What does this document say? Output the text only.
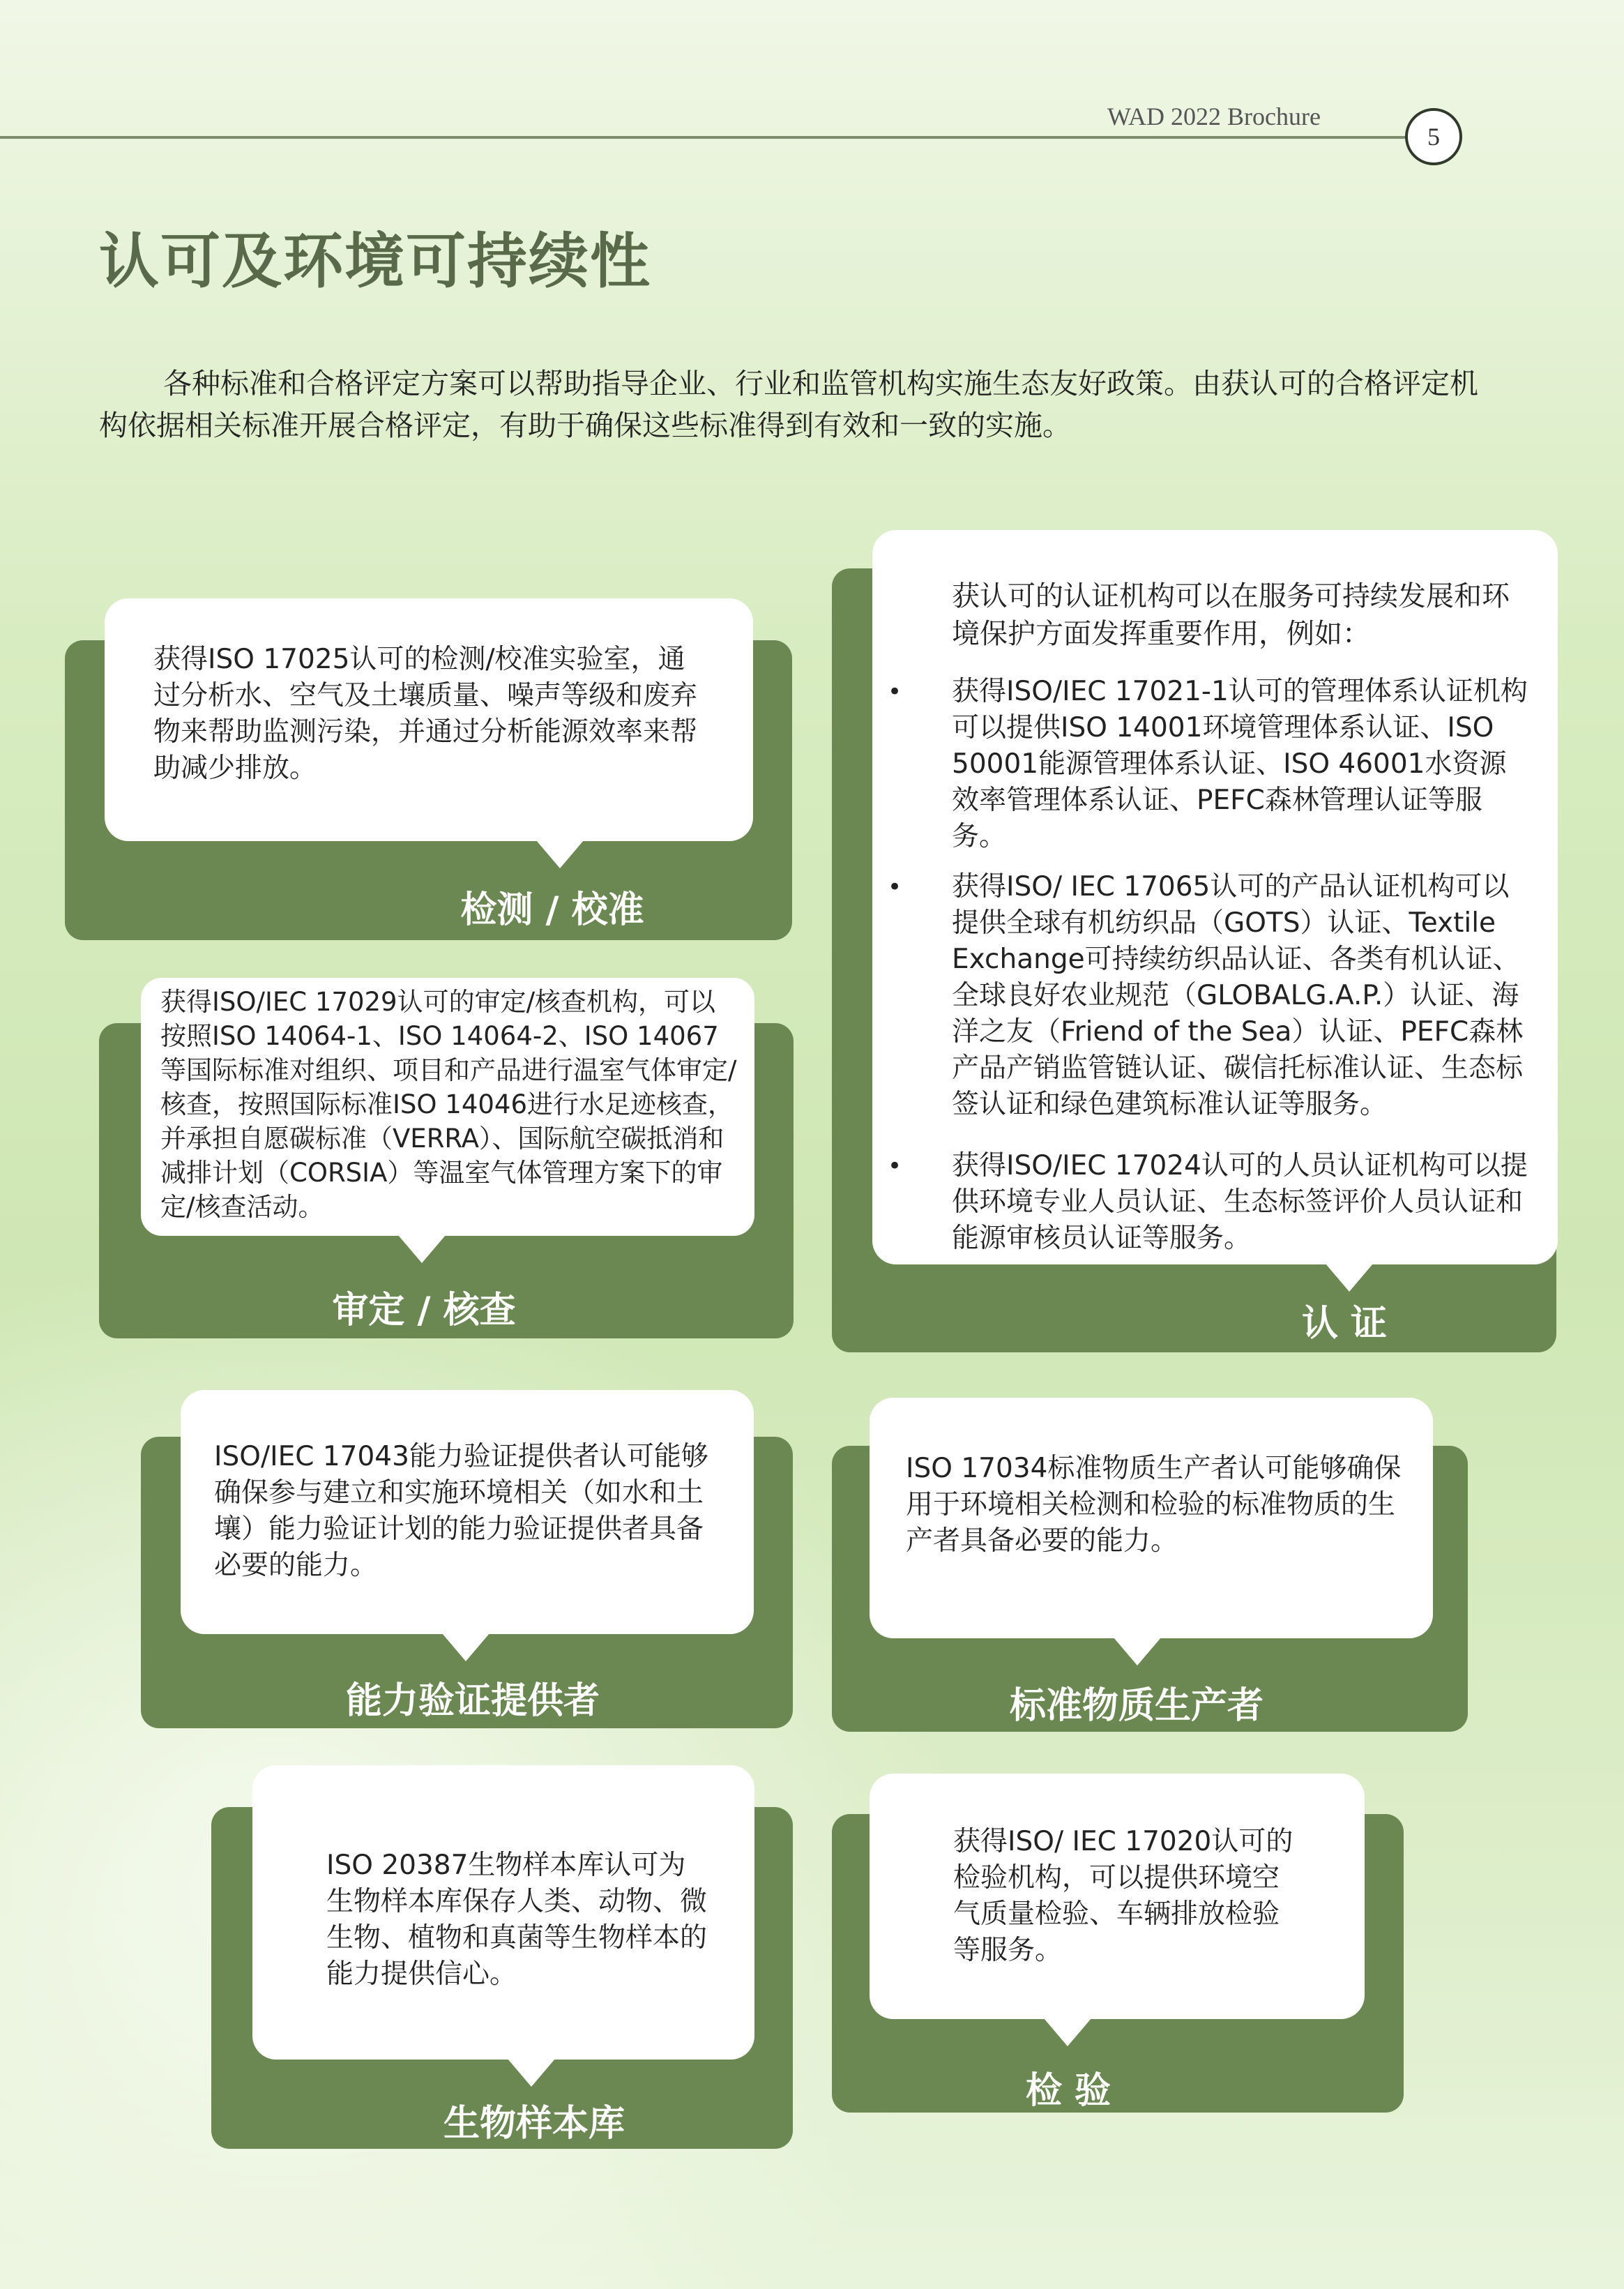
WAD 2022 Brochure
5
认可及环境可持续性
各种标准和合格评定方案可以帮助指导企业、行业和监管机构实施生态友好政策。由获认可的合格评定机构依据相关标准开展合格评定，有助于确保这些标准得到有效和一致的实施。
获得ISO 17025认可的检测/校准实验室，通过分析水、空气及土壤质量、噪声等级和废弃物来帮助监测污染，并通过分析能源效率来帮助减少排放。
检测 / 校准
获得ISO/IEC 17029认可的审定/核查机构，可以按照ISO 14064-1、ISO 14064-2、ISO 14067等国际标准对组织、项目和产品进行温室气体审定/核查，按照国际标准ISO 14046进行水足迹核查，并承担自愿碳标准（VERRA）、国际航空碳抵消和减排计划（CORSIA）等温室气体管理方案下的审定/核查活动。
审定 / 核查
获认可的认证机构可以在服务可持续发展和环境保护方面发挥重要作用，例如：
• 获得ISO/IEC 17021-1认可的管理体系认证机构可以提供ISO 14001环境管理体系认证、ISO 50001能源管理体系认证、ISO 46001水资源效率管理体系认证、PEFC森林管理认证等服务。
• 获得ISO/ IEC 17065认可的产品认证机构可以提供全球有机纺织品（GOTS）认证、Textile Exchange可持续纺织品认证、各类有机认证、全球良好农业规范（GLOBALG.A.P.）认证、海洋之友（Friend of the Sea）认证、PEFC森林产品产销监管链认证、碳信托标准认证、生态标签认证和绿色建筑标准认证等服务。
• 获得ISO/IEC 17024认可的人员认证机构可以提供环境专业人员认证、生态标签评价人员认证和能源审核员认证等服务。
认 证
ISO/IEC 17043能力验证提供者认可能够确保参与建立和实施环境相关（如水和土壤）能力验证计划的能力验证提供者具备必要的能力。
能力验证提供者
ISO 17034标准物质生产者认可能够确保用于环境相关检测和检验的标准物质的生产者具备必要的能力。
标准物质生产者
ISO 20387生物样本库认可为生物样本库保存人类、动物、微生物、植物和真菌等生物样本的能力提供信心。
生物样本库
获得ISO/ IEC 17020认可的检验机构，可以提供环境空气质量检验、车辆排放检验等服务。
检 验
